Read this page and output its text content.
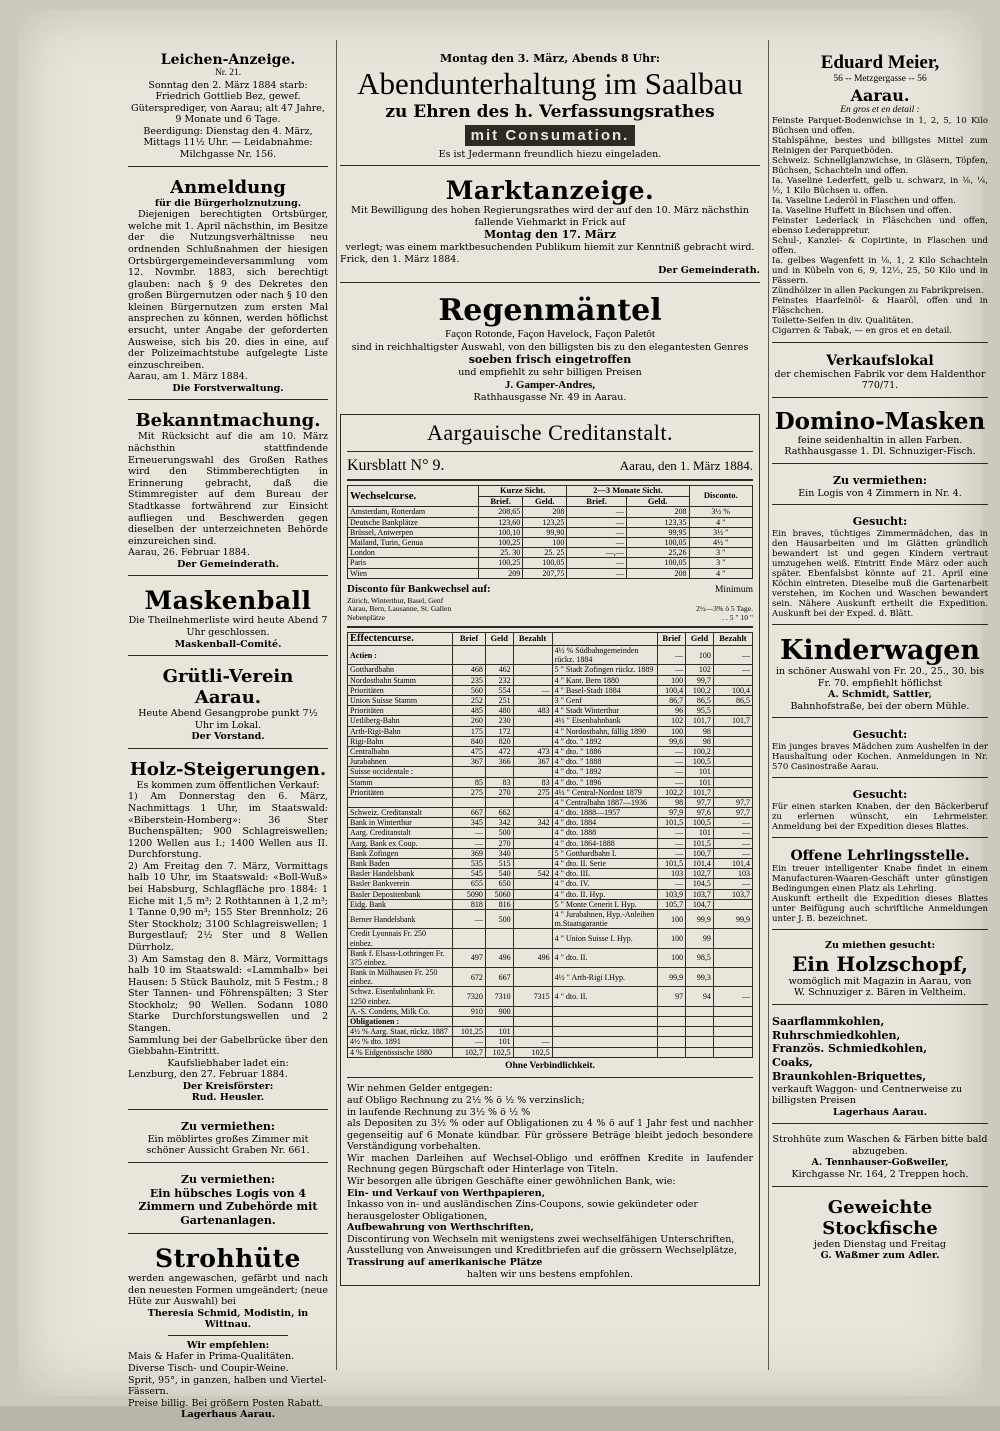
Leichen-Anzeige.
Nr. 21.
Sonntag den 2. März 1884 starb:
Friedrich Gottlieb Bez, gewef. Gütersprediger, von Aarau; alt 47 Jahre, 9 Monate und 6 Tage.
Beerdigung: Dienstag den 4. März, Mittags 11½ Uhr. — Leidabnahme: Milchgasse Nr. 156.
Anmeldung
für die Bürgerholznutzung.
Diejenigen berechtigten Ortsbürger, welche mit 1. April nächsthin, im Besitze der die Nutzungsverhältnisse neu ordnenden Schlußnahmen der hiesigen Ortsbürgergemeindeversammlung vom 12. Novmbr. 1883, sich berechtigt glauben: nach § 9 des Dekretes den großen Bürgernutzen oder nach § 10 den kleinen Bürgernutzen zum ersten Mal ansprechen zu können, werden höflichst ersucht, unter Angabe der geforderten Ausweise, sich bis 20. dies in eine, auf der Polizeimachtstube aufgelegte Liste einzuschreiben.
Aarau, am 1. März 1884.
Die Forstverwaltung.
Bekanntmachung.
Mit Rücksicht auf die am 10. März nächsthin stattfindende Erneuerungswahl des Großen Rathes wird den Stimmberechtigten in Erinnerung gebracht, daß die Stimmregister auf dem Bureau der Stadtkasse fortwährend zur Einsicht aufliegen und Beschwerden gegen dieselben der unterzeichneten Behörde einzureichen sind.
Aarau, 26. Februar 1884.
Der Gemeinderath.
Maskenball
Die Theilnehmerliste wird heute Abend 7 Uhr geschlossen.
Maskenball-Comité.
Grütli-Verein Aarau.
Heute Abend Gesangprobe punkt 7½ Uhr im Lokal.
Der Vorstand.
Holz-Steigerungen.
Es kommen zum öffentlichen Verkauf:
1) Am Donnerstag den 6. März, Nachmittags 1 Uhr, im Staatswald: «Biberstein-Homberg»: 36 Ster Buchenspälten; 900 Schlagreiswellen; 1200 Wellen aus I.; 1400 Wellen aus II. Durchforstung.
2) Am Freitag den 7. März, Vormittags halb 10 Uhr, im Staatswald: «Boll-Wuß» bei Habsburg, Schlagfläche pro 1884: 1 Eiche mit 1,5 m³; 2 Rothtannen à 1,2 m³; 1 Tanne 0,90 m³; 155 Ster Brennholz; 26 Ster Stockholz; 3100 Schlagreiswellen; 1 Burgestlauf; 2½ Ster und 8 Wellen Dürrholz.
3) Am Samstag den 8. März, Vormittags halb 10 im Staatswald: «Lammhalb» bei Hausen: 5 Stück Bauholz, mit 5 Festm.; 8 Ster Tannen- und Föhrenspälten; 3 Ster Stockholz; 90 Wellen. Sodann 1080 Starke Durchforstungswellen und 2 Stangen.
Sammlung bei der Gabelbrücke über den Giebbahn-Eintrittt.
Kaufsliebhaber ladet ein:
Lenzburg, den 27. Februar 1884.
Der Kreisförster:
Rud. Heusler.
Zu vermiethen:
Ein möblirtes großes Zimmer mit schöner Aussicht Graben Nr. 661.
Zu vermiethen:
Ein hübsches Logis von 4 Zimmern und Zubehörde mit Gartenanlagen.
Strohhüte
werden angewaschen, gefärbt und nach den neuesten Formen umgeändert; (neue Hüte zur Auswahl) bei
Theresia Schmid, Modistin, in Wittnau.
Wir empfehlen:
Mais & Hafer in Prima-Qualitäten.
Diverse Tisch- und Coupir-Weine.
Sprit, 95°, in ganzen, halben und Viertel-Fässern.
Preise billig. Bei größern Posten Rabatt.
Lagerhaus Aarau.
Montag den 3. März, Abends 8 Uhr:
Abendunterhaltung im Saalbau
zu Ehren des h. Verfassungsrathes
mit Consumation.
Es ist Jedermann freundlich hiezu eingeladen.
Marktanzeige.
Mit Bewilligung des hohen Regierungsrathes wird der auf den 10. März nächsthin fallende Viehmarkt in Frick auf
Montag den 17. März
verlegt; was einem marktbesuchenden Publikum hiemit zur Kenntniß gebracht wird.
Frick, den 1. März 1884.
Der Gemeinderath.
Regenmäntel
Façon Rotonde, Façon Havelock, Façon Paletôt
sind in reichhaltigster Auswahl, von den billigsten bis zu den elegantesten Genres
soeben frisch eingetroffen
und empfiehlt zu sehr billigen Preisen
J. Gamper-Andres,
Rathhausgasse Nr. 49 in Aarau.
Aargauische Creditanstalt.
Kursblatt N° 9.	Aarau, den 1. März 1884.
Wechselcurse.	Kurze Sicht.		2—3 Monate Sicht.		Disconto.
	Brief.	Geld.	Brief.	Geld.	
Amsterdam, Rotterdam	208,65	208	—	208	3½ %
Deutsche Bankplätze	123,60	123,25	—	123,35	4 "
Brüssel, Antwerpen	100,10	99,90	—	99,95	3½ "
Mailand, Turin, Genua	100,25	100	—	100,05	4½ "
London	25. 30	25. 25	—,—	25,26	3 "
Paris	100,25	100,05	—	100,05	3 "
Wien	209	207,75	—	208	4 "
Disconto für Bankwechsel auf:	Minimum
Zürich, Winterthur, Basel, Genf
Aarau, Bern, Lausanne, St. Gallen	2½—3% ö 5 Tage.
Nebenplätze	. . 5 " 10 "
Effectencurse.	Brief	Geld	Bezahlt		Brief	Geld	Bezahlt
Actien :				4½ % Südbahngemeinden rückz. 1884	—	100	—
Gotthardbahn	468	462		5 " Stadt Zofingen rückz. 1889	—	102	—
Nordostbahn Stamm	235	232		4 " Kant. Bern 1880	100	99,7	
Prioritäten	560	554	—	4 " Basel-Stadt 1884	100,4	100,2	100,4
Union Suisse Stamm	252	251		3 " Genf	86,7	86,5	86,5
Prioritäten	485	480	483	4 " Stadt Winterthur	96	95,5	
Uetliberg-Bahn	260	230		4½ " Eisenbahnbank	102	101,7	101,7
Arth-Rigi-Bahn	175	172		4 " Nordostbahn, fällig 1890	100	98	
Rigi-Bahn	840	820		4 " dto. " 1892	99,6	98	
Centralbahn	475	472	473	4 " dto. " 1886	—	100,2	
Jurabahnen	367	366	367	4 " dto. " 1888	—	100,5	
Suisse occidentale :				4 " dto. " 1892	—	101	
Stamm	85	83	83	4 " dto. " 1896	—	101	
Prioritäten	275	270	275	4½ " Central-Nordost 1879	102,2	101,7	
				4 " Centralbahn 1887—1936	98	97,7	97,7
Schweiz. Creditanstalt	667	662		4 " dto. 1888—1957	97,9	97,6	97,7
Bank in Winterthur	345	342	342	4 " dto. 1884	101,5	100,5	—
Aarg. Creditanstalt	—	500		4 " dto. 1888	—	101	—
Aarg. Bank ex Coup.	—	270		4 " dto. 1864-1888	—	101,5	—
Bank Zofingen	369	340		5 " Gotthardbahn I.	—	100,7	—
Bank Baden	535	515		4 " dto. II. Serie	101,5	101,4	101,4
Basler Handelsbank	545	540	542	4 " dto. III.	103	102,7	103
Basler Bankverein	655	650		4 " dto. IV.	—	104,5	—
Basler Depositenbank	5090	5060		4 " dto. II. Hyp.	103,9	103,7	103,7
Eidg. Bank	818	816		5 " Monte Cenerit I. Hyp.	105,7	104,7	
Berner Handelsbank	—	500		4 " Jurabahnen, Hyp.-Anleihen m.Staatsgarantie	100	99,9	99,9
Credit Lyonnais Fr. 250 einbez.				4 " Union Suisse I. Hyp.	100	99	
Bank f. Elsass-Lothringen Fr. 375 einbez.	497	496	496	4 " dto. II.	100	98,5	
Bank in Mülhausen Fr. 250 einbez.	672	667		4½ " Arth-Rigi I.Hyp.	99,9	99,3	
Schwz. Eisenbahnbank Fr. 1250 einbez.	7320	7310	7315	4 " dto. II.	97	94	—
A.-S. Condens, Milk Co.	910	900					
Obligationen :							
4½ % Aarg. Staat, rückz. 1887	101,25	101					
4½ % dto. 1891	—	101	—				
4 % Eidgenössische 1880	102,7	102,5	102,5				
Ohne Verbindlichkeit.
Wir nehmen Gelder entgegen:
auf Obligo Rechnung zu 2½ % ö ½ % verzinslich;
in laufende Rechnung zu 3½ % ö ½ %
als Depositen zu 3½ % oder auf Obligationen zu 4 % ö auf 1 Jahr fest und nachher gegenseitig auf 6 Monate kündbar. Für grössere Beträge bleibt jedoch besondere Verständigung vorbehalten.
Wir machen Darleihen auf Wechsel-Obligo und eröffnen Kredite in laufender Rechnung gegen Bürgschaft oder Hinterlage von Titeln.
Wir besorgen alle übrigen Geschäfte einer gewöhnlichen Bank, wie:
Ein- und Verkauf von Werthpapieren,
Inkasso von in- und ausländischen Zins-Coupons, sowie gekündeter oder herausgeloster Obligationen,
Aufbewahrung von Werthschriften,
Discontirung von Wechseln mit wenigstens zwei wechselfähigen Unterschriften,
Ausstellung von Anweisungen und Kreditbriefen auf die grössern Wechselplätze,
Trassirung auf amerikanische Plätze
halten wir uns bestens empfohlen.
Eduard Meier,
56 -- Metzgergasse -- 56
Aarau.
En gros et en detail :
Feinste Parquet-Bodenwichse in 1, 2, 5, 10 Kilo Büchsen und offen.
Stahlspähne, bestes und billigstes Mittel zum Reinigen der Parquetböden.
Schweiz. Schnellglanzwichse, in Gläsern, Töpfen, Büchsen, Schachteln und offen.
Ia. Vaseline Lederfett, gelb u. schwarz, in ⅛, ¼, ½, 1 Kilo Büchsen u. offen.
Ia. Vaseline Lederöl in Flaschen und offen.
Ia. Vaseline Huffett in Büchsen und offen.
Feinster Lederlack in Fläschchen und offen, ebenso Lederappretur.
Schul-, Kanzlei- & Copirtinte, in Flaschen und offen.
Ia. gelbes Wagenfett in ⅛, 1, 2 Kilo Schachteln und in Kübeln von 6, 9, 12½, 25, 50 Kilo und in Fässern.
Zündhölzer in allen Packungen zu Fabrikpreisen.
Feinstes Haarfeinöl- & Haaröl, offen und in Fläschchen.
Toilette-Seifen in div. Qualitäten.
Cigarren & Tabak, — en gros et en detail.
Verkaufslokal
der chemischen Fabrik vor dem Haldenthor 770/71.
Domino-Masken
feine seidenhaltin in allen Farben.
Rathhausgasse 1. Dl. Schnuziger-Fisch.
Zu vermiethen:
Ein Logis von 4 Zimmern in Nr. 4.
Gesucht:
Ein braves, tüchtiges Zimmermädchen, das in den Hausarbeiten und im Glätten gründlich bewandert ist und gegen Kindern vertraut umzugehen weiß. Eintritt Ende März oder auch später. Ebenfalsbst könnte auf 21. April eine Köchin eintreten. Dieselbe muß die Gartenarbeit verstehen, im Kochen und Waschen bewandert sein. Nähere Auskunft ertheilt die Expedition. Auskunft bei der Exped. d. Blätt.
Kinderwagen
in schöner Auswahl von Fr. 20., 25., 30. bis Fr. 70. empfiehlt höflichst
A. Schmidt, Sattler,
Bahnhofstraße, bei der obern Mühle.
Gesucht:
Ein junges braves Mädchen zum Aushelfen in der Haushaltung oder Kochen. Anmeldungen in Nr. 570 Casinostraße Aarau.
Gesucht:
Für einen starken Knaben, der den Bäckerberuf zu erlernen wünscht, ein Lehrmeister. Anmeldung bei der Expedition dieses Blattes.
Offene Lehrlingsstelle.
Ein treuer intelligenter Knabe findet in einem Manufacturen-Waaren-Geschäft unter günstigen Bedingungen einen Platz als Lehrling.
Auskunft ertheilt die Expedition dieses Blattes unter Beifügung auch schriftliche Anmeldungen unter J. B. bezeichnet.
Zu miethen gesucht:
Ein Holzschopf,
womöglich mit Magazin in Aarau, von
W. Schnuziger z. Bären in Veltheim.
Saarflammkohlen,
Ruhrschmiedkohlen,
Französ. Schmiedkohlen,
Coaks,
Braunkohlen-Briquettes,
verkauft Waggon- und Centnerweise zu billigsten Preisen
Lagerhaus Aarau.
Strohhüte zum Waschen & Färben bitte bald abzugeben.
A. Tennhauser-Goßweiler,
Kirchgasse Nr. 164, 2 Treppen hoch.
Geweichte Stockfische
jeden Dienstag und Freitag
G. Waßmer zum Adler.
